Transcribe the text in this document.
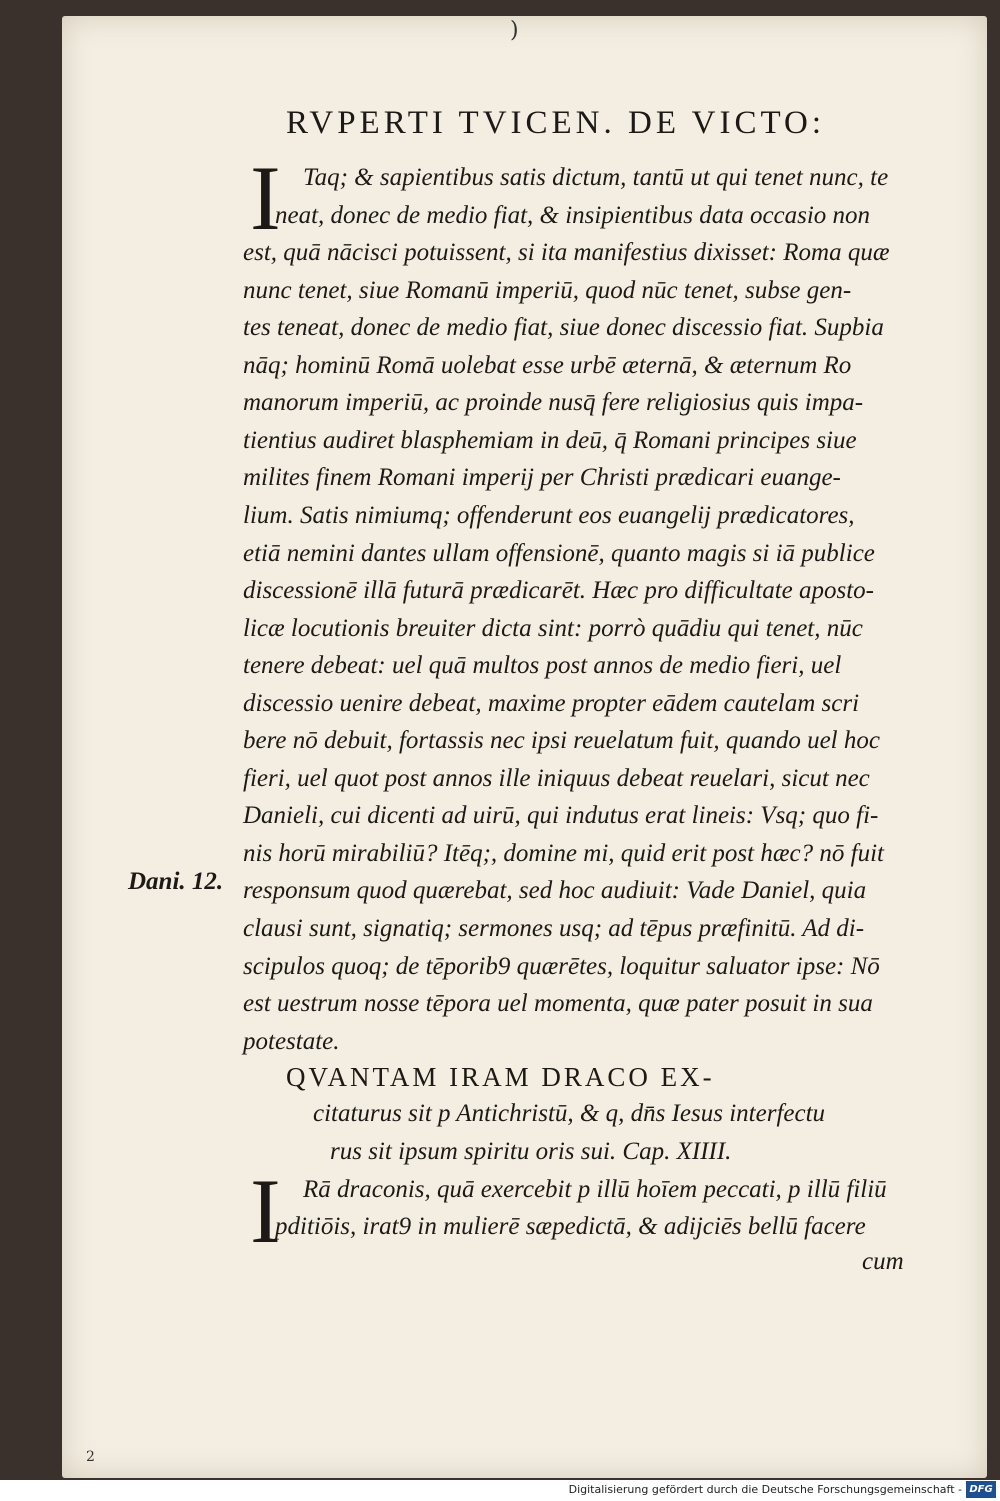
)
RVPERTI TVICEN. DE VICTO:
I Taq; & sapientibus satis dictum, tantū ut qui tenet nunc, te
neat, donec de medio fiat, & insipientibus data occasio non
est, quā nācisci potuissent, si ita manifestius dixisset: Roma quæ
nunc tenet, siue Romanū imperiū, quod nūc tenet, subse gen-
tes teneat, donec de medio fiat, siue donec discessio fiat. Supbia
nāq; hominū Romā uolebat esse urbē æternā, & æternum Ro
manorum imperiū, ac proinde nusq̄ fere religiosius quis impa-
tientius audiret blasphemiam in deū, q̄ Romani principes siue
milites finem Romani imperij per Christi prædicari euange-
lium. Satis nimiumq; offenderunt eos euangelij prædicatores,
etiā nemini dantes ullam offensionē, quanto magis si iā publice
discessionē illā futurā prædicarēt. Hæc pro difficultate aposto-
licæ locutionis breuiter dicta sint: porrò quādiu qui tenet, nūc
tenere debeat: uel quā multos post annos de medio fieri, uel
discessio uenire debeat, maxime propter eādem cautelam scri
bere nō debuit, fortassis nec ipsi reuelatum fuit, quando uel hoc
fieri, uel quot post annos ille iniquus debeat reuelari, sicut nec
Danieli, cui dicenti ad uirū, qui indutus erat lineis: Vsq; quo fi-
nis horū mirabiliū? Itēq;, domine mi, quid erit post hæc? nō fuit
responsum quod quærebat, sed hoc audiuit: Vade Daniel, quia
clausi sunt, signatiq; sermones usq; ad tēpus præfinitū. Ad di-
scipulos quoq; de tēporib9 quærētes, loquitur saluator ipse: Nō
est uestrum nosse tēpora uel momenta, quæ pater posuit in sua
potestate.
Dani. 12.
QVANTAM IRAM DRACO EX-
citaturus sit p Antichristū, & q, dn̄s Iesus interfectu
rus sit ipsum spiritu oris sui. Cap. XIIII.
I Rā draconis, quā exercebit p illū hoīem peccati, p illū filiū
pditiōis, irat9 in mulierē sæpedictā, & adijciēs bellū facere
cum
2
Digitalisierung gefördert durch die Deutsche Forschungsgemeinschaft - DFG
